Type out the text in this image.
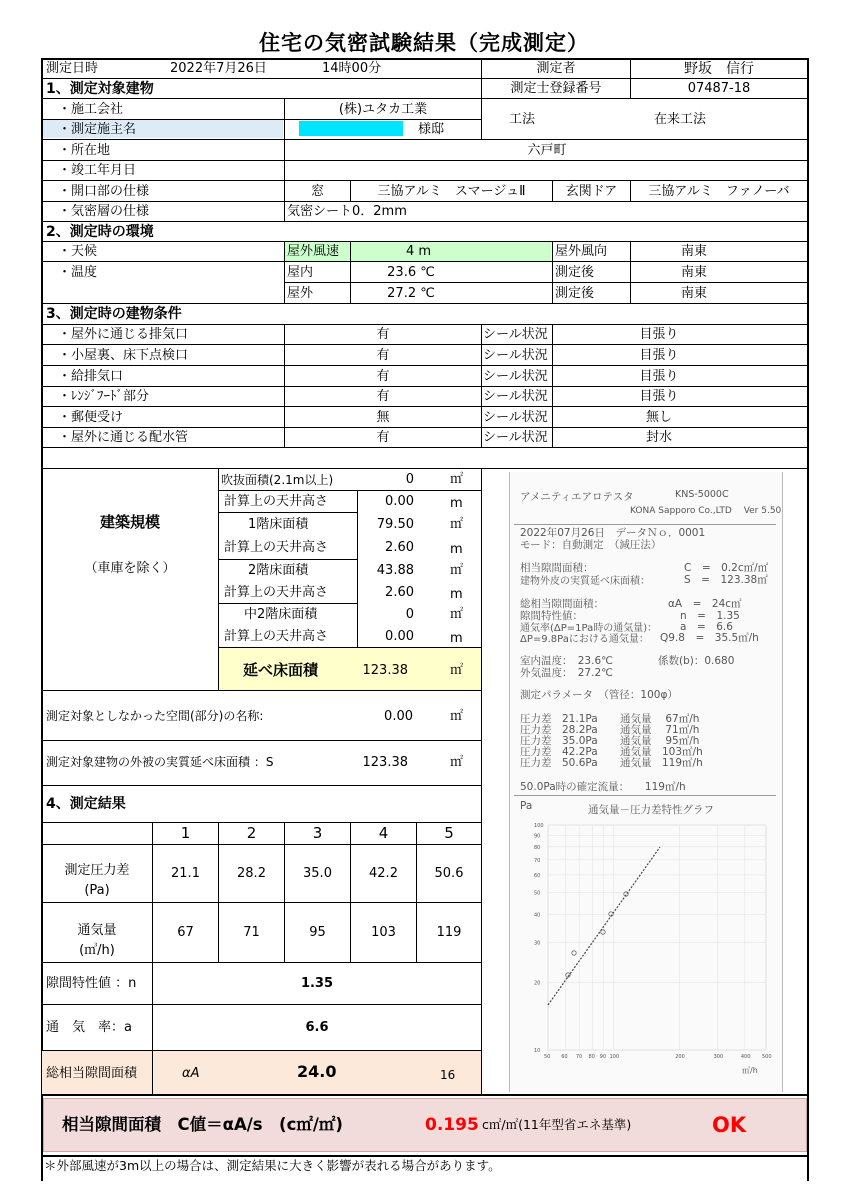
住宅の気密試験結果（完成測定）
測定日時	2022年7月26日	14時00分	測定者	野坂　信行
1、測定対象建物	測定士登録番号	07487-18
・施工会社	(株)ユタカ工業
・測定施主名	様邸
工法	在来工法
・所在地	六戸町
・竣工年月日
・開口部の仕様	窓	三協アルミ　スマージュⅡ	玄関ドア	三協アルミ　ファノーバ
・気密層の仕様	気密シート0．2mm
2、測定時の環境
・天候	屋外風速	4 m	屋外風向	南東
・温度	屋内	23.6 ℃	測定後	南東
屋外	27.2 ℃	測定後	南東
3、測定時の建物条件
・屋外に通じる排気口	有	シール状況	目張り
・小屋裏、床下点検口	有	シール状況	目張り
・給排気口	有	シール状況	目張り
・ﾚﾝｼﾞﾌｰﾄﾞ部分	有	シール状況	目張り
・郵便受け	無	シール状況	無し
・屋外に通じる配水管	有	シール状況	封水
建築規模
（車庫を除く）
吹抜面積(2.1m以上)	0	㎡
計算上の天井高さ	0.00	m
1階床面積	79.50	㎡
計算上の天井高さ	2.60	m
2階床面積	43.88	㎡
計算上の天井高さ	2.60	m
中2階床面積	0	㎡
計算上の天井高さ	0.00	m
延べ床面積	123.38	㎡
測定対象としなかった空間(部分)の名称:	0.00	㎡
測定対象建物の外被の実質延べ床面積 ：S	123.38	㎡
4、測定結果
1	2	3	4	5
測定圧力差
(Pa)
21.1	28.2	35.0	42.2	50.6
通気量
(㎥/h)
67	71	95	103	119
隙間特性値 ：n	1.35
通　気　率：a	6.6
総相当隙間面積	αA	24.0	16
アメニティエアロテスタ	KNS-5000C
KONA Sapporo Co.,LTD　 Ver 5.50
2022年07月26日　データＮｏ．0001
モード：自動測定　（減圧法）
相当隙間面積：	C　=　0.2c㎡/㎡
建物外皮の実質延べ床面積：	S　=　123.38㎡
総相当隙間面積：	αA　=　24c㎡
隙間特性値：	n　=　1.35
通気率(ΔP=1Pa時の通気量)： a　=　6.6
ΔP=9.8Paにおける通気量： Q9.8　=　35.5㎥/h
室内温度：　23.6℃	係数(b)：0.680
外気温度：　27.2℃
測定パラメータ　（管径：100φ）
圧力差　21.1Pa 通気量　 67㎥/h
圧力差　28.2Pa 通気量　 71㎥/h
圧力差　35.0Pa 通気量　 95㎥/h
圧力差　42.2Pa 通気量　103㎥/h
圧力差　50.6Pa 通気量　119㎥/h
50.0Pa時の確定流量：　　119㎥/h
Pa	通気量－圧力差特性グラフ
100
90
80
70
60
50
40
30
20
10
50 60 70 80 90 100	200	300	400 500
㎥/h
相当隙間面積　C値＝αA/s　(c㎡/㎡)	0.195 c㎡/㎡(11年型省エネ基準)	OK
＊外部風速が3m以上の場合は、測定結果に大きく影響が表れる場合があります。
